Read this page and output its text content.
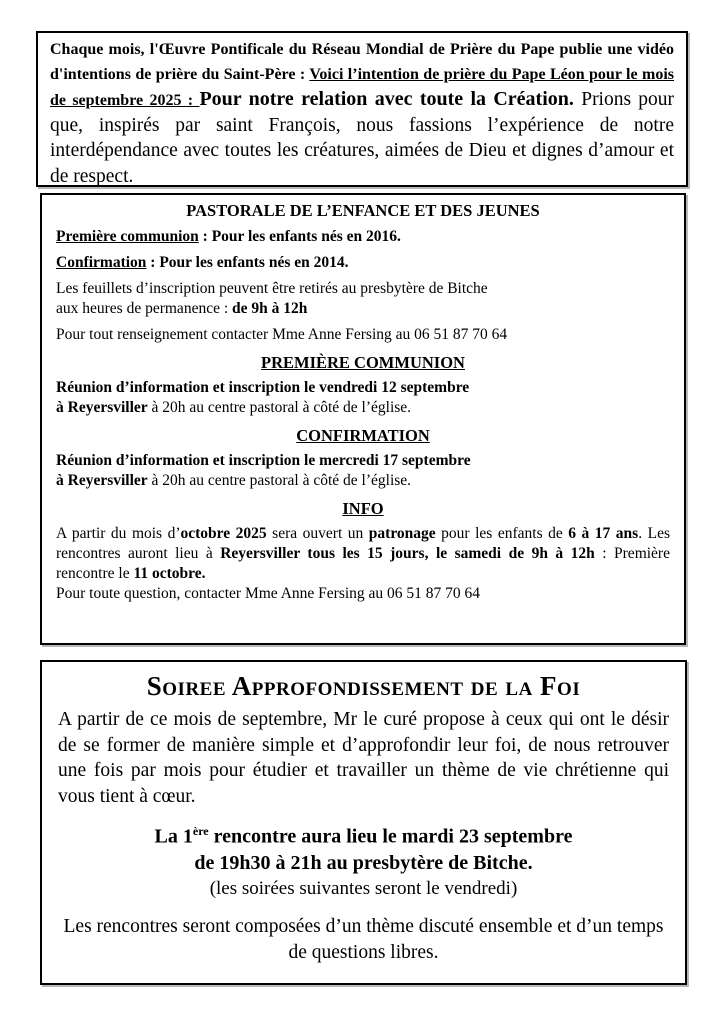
Chaque mois, l'Œuvre Pontificale du Réseau Mondial de Prière du Pape publie une vidéo d'intentions de prière du Saint-Père : Voici l’intention de prière du Pape Léon pour le mois de septembre 2025 : Pour notre relation avec toute la Création. Prions pour que, inspirés par saint François, nous fassions l’expérience de notre interdépendance avec toutes les créatures, aimées de Dieu et dignes d’amour et de respect.

PASTORALE DE L’ENFANCE ET DES JEUNES

Première communion : Pour les enfants nés en 2016.

Confirmation : Pour les enfants nés en 2014.

Les feuillets d’inscription peuvent être retirés au presbytère de Bitche
aux heures de permanence : de 9h à 12h

Pour tout renseignement contacter Mme Anne Fersing au 06 51 87 70 64

PREMIÈRE COMMUNION

Réunion d’information et inscription le vendredi 12 septembre
à Reyersviller à 20h au centre pastoral à côté de l’église.

CONFIRMATION

Réunion d’information et inscription le mercredi 17 septembre
à Reyersviller à 20h au centre pastoral à côté de l’église.

INFO

A partir du mois d’octobre 2025 sera ouvert un patronage pour les enfants de 6 à 17 ans. Les rencontres auront lieu à Reyersviller tous les 15 jours, le samedi de 9h à 12h : Première rencontre le 11 octobre.

Pour toute question, contacter Mme Anne Fersing au 06 51 87 70 64

Soiree Approfondissement de la Foi

A partir de ce mois de septembre, Mr le curé propose à ceux qui ont le désir de se former de manière simple et d’approfondir leur foi, de nous retrouver une fois par mois pour étudier et travailler un thème de vie chrétienne qui vous tient à cœur.

La 1ère rencontre aura lieu le mardi 23 septembre
de 19h30 à 21h au presbytère de Bitche.

(les soirées suivantes seront le vendredi)

Les rencontres seront composées d’un thème discuté ensemble et d’un temps de questions libres.
